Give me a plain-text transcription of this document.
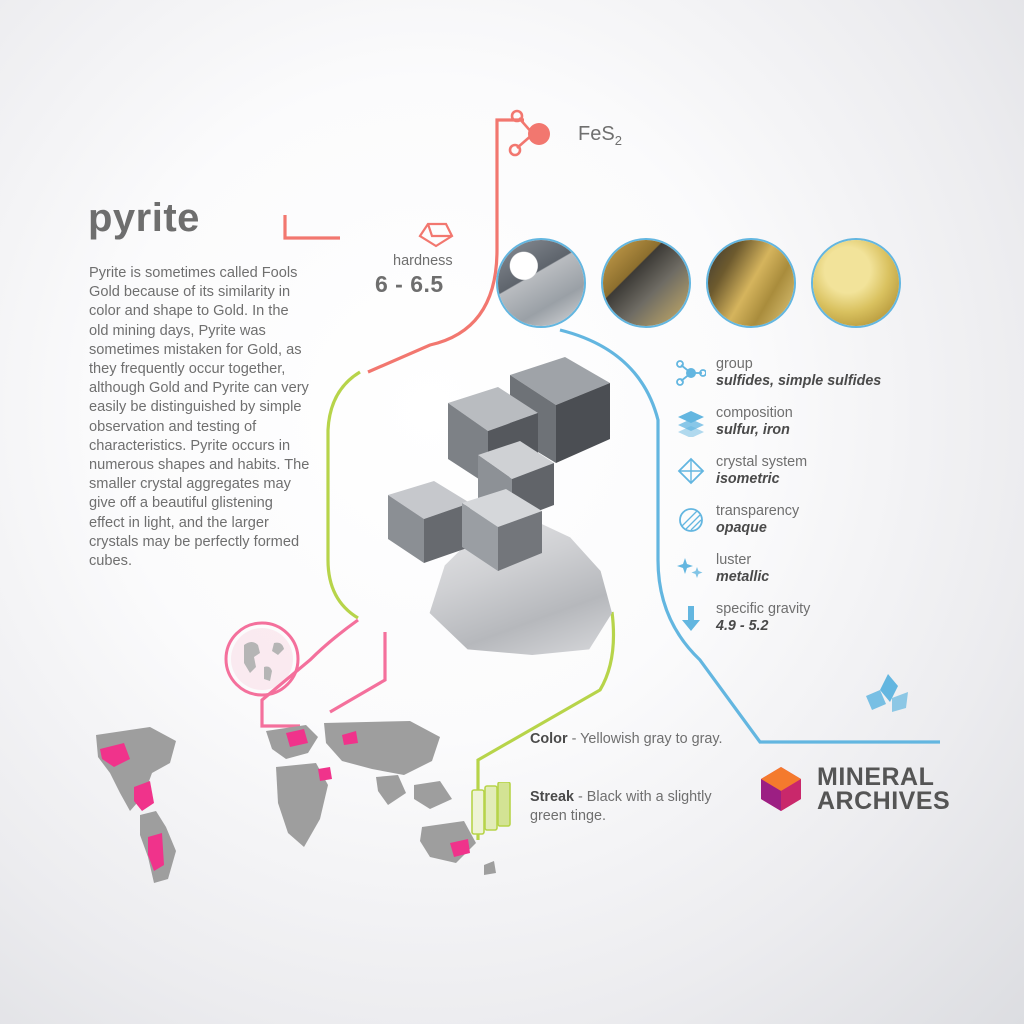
pyrite
Pyrite is sometimes called Fools Gold because of its similarity in color and shape to Gold. In the old mining days, Pyrite was sometimes mistaken for Gold, as they frequently occur together, although Gold and Pyrite can very easily be distinguished by simple observation and testing of characteristics. Pyrite occurs in numerous shapes and habits. The smaller crystal aggregates may give off a beautiful glistening effect in light, and the larger crystals may be perfectly formed cubes.
FeS$_2$
hardness
6 - 6.5
group
sulfides, simple sulfides
composition
sulfur, iron
crystal system
isometric
transparency
opaque
luster
metallic
specific gravity
4.9 - 5.2
Color - Yellowish gray to gray.
Streak - Black with a slightly green tinge.
MINERAL
ARCHIVES
